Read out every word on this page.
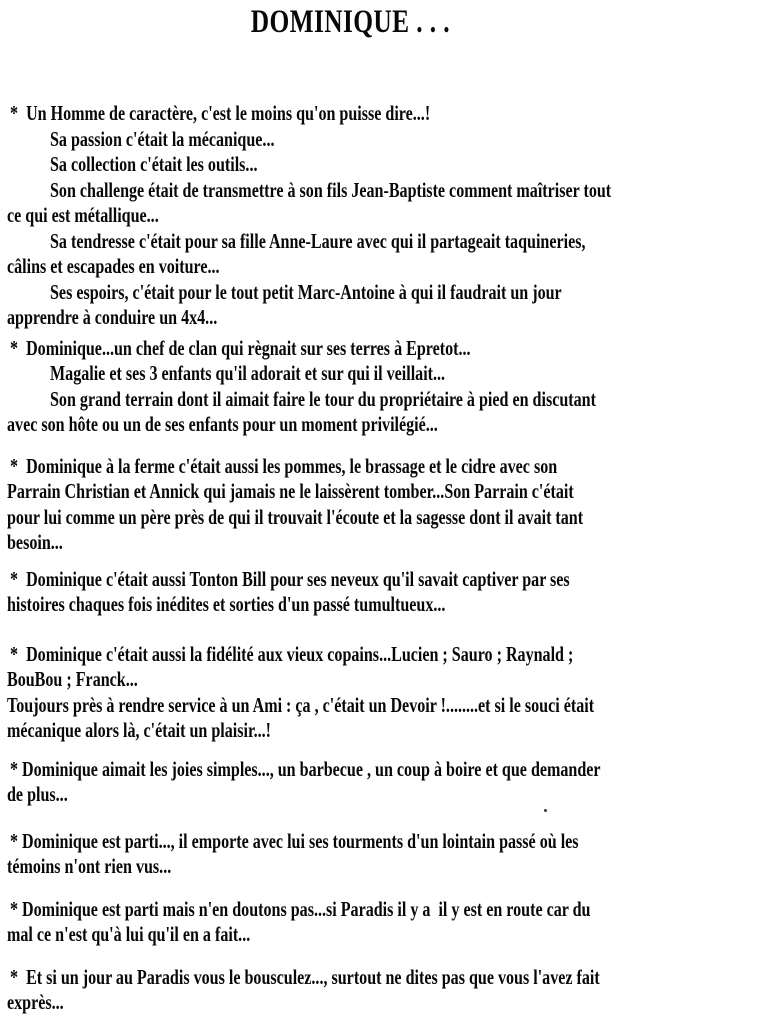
DOMINIQUE . . .
*  Un Homme de caractère, c'est le moins qu'on puisse dire...!
Sa passion c'était la mécanique...
Sa collection c'était les outils...
Son challenge était de transmettre à son fils Jean-Baptiste comment maîtriser tout
ce qui est métallique...
Sa tendresse c'était pour sa fille Anne-Laure avec qui il partageait taquineries,
câlins et escapades en voiture...
Ses espoirs, c'était pour le tout petit Marc-Antoine à qui il faudrait un jour
apprendre à conduire un 4x4...
*  Dominique...un chef de clan qui règnait sur ses terres à Epretot...
Magalie et ses 3 enfants qu'il adorait et sur qui il veillait...
Son grand terrain dont il aimait faire le tour du propriétaire à pied en discutant
avec son hôte ou un de ses enfants pour un moment privilégié...
*  Dominique à la ferme c'était aussi les pommes, le brassage et le cidre avec son
Parrain Christian et Annick qui jamais ne le laissèrent tomber...Son Parrain c'était
pour lui comme un père près de qui il trouvait l'écoute et la sagesse dont il avait tant
besoin...
*  Dominique c'était aussi Tonton Bill pour ses neveux qu'il savait captiver par ses
histoires chaques fois inédites et sorties d'un passé tumultueux...
*  Dominique c'était aussi la fidélité aux vieux copains...Lucien ; Sauro ; Raynald ;
BouBou ; Franck...
Toujours près à rendre service à un Ami : ça , c'était un Devoir !........et si le souci était
mécanique alors là, c'était un plaisir...!
* Dominique aimait les joies simples..., un barbecue , un coup à boire et que demander
de plus...
* Dominique est parti..., il emporte avec lui ses tourments d'un lointain passé où les
témoins n'ont rien vus...
* Dominique est parti mais n'en doutons pas...si Paradis il y a  il y est en route car du
mal ce n'est qu'à lui qu'il en a fait...
*  Et si un jour au Paradis vous le bousculez..., surtout ne dites pas que vous l'avez fait
exprès...
